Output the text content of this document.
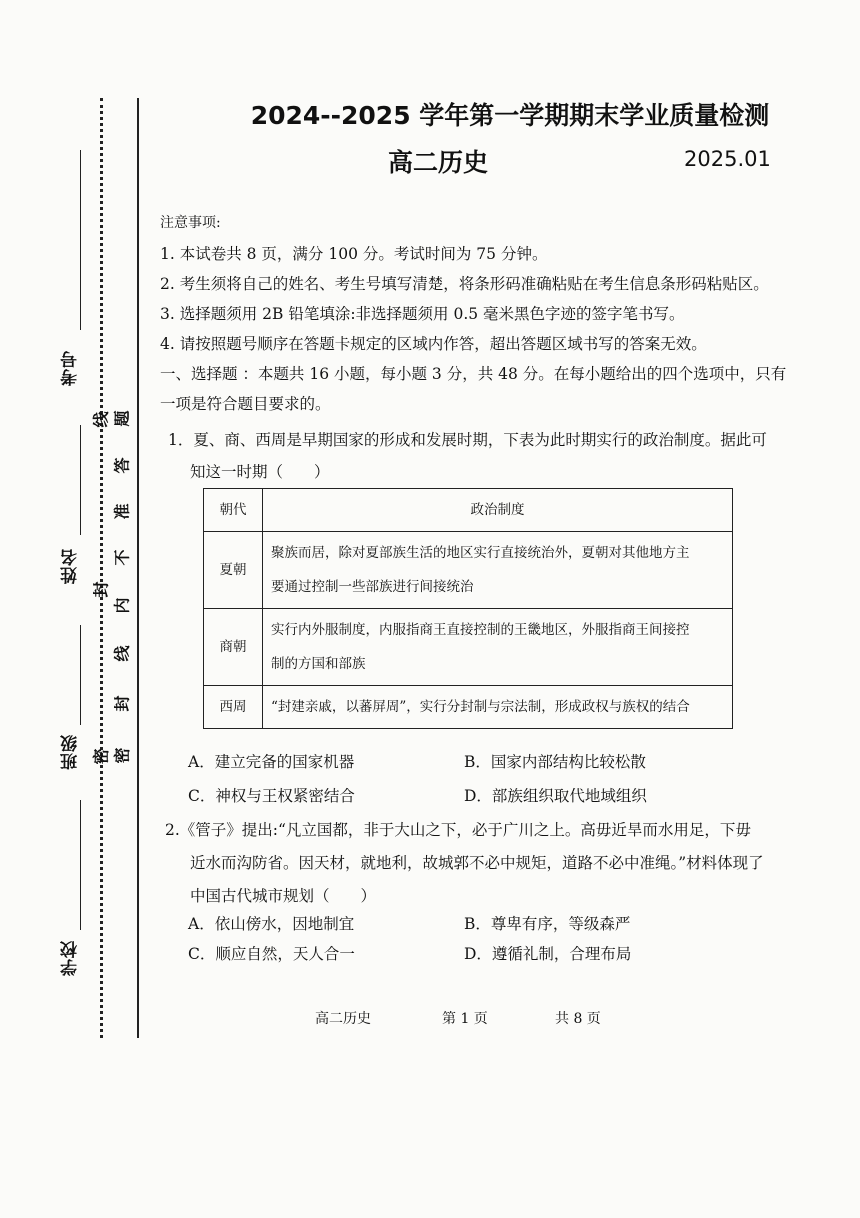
考号
姓名
班级
学校
线
封
密
题
答
准
不
内
线
封
密
2024--2025 学年第一学期期末学业质量检测
高二历史	2025.01
注意事项:
1. 本试卷共 8 页，满分 100 分。考试时间为 75 分钟。
2. 考生须将自己的姓名、考生号填写清楚，将条形码准确粘贴在考生信息条形码粘贴区。
3. 选择题须用 2B 铅笔填涂:非选择题须用 0.5 毫米黑色字迹的签字笔书写。
4. 请按照题号顺序在答题卡规定的区域内作答，超出答题区域书写的答案无效。
一、选择题 ：本题共 16 小题，每小题 3 分，共 48 分。在每小题给出的四个选项中，只有
一项是符合题目要求的。
1．夏、商、西周是早期国家的形成和发展时期，下表为此时期实行的政治制度。据此可
知这一时期（　　）
朝代	政治制度
夏朝	聚族而居，除对夏部族生活的地区实行直接统治外，夏朝对其他地方主
要通过控制一些部族进行间接统治

商朝	实行内外服制度，内服指商王直接控制的王畿地区，外服指商王间接控
制的方国和部族

西周	“封建亲戚，以蕃屏周”，实行分封制与宗法制，形成政权与族权的结合
A．建立完备的国家机器	B．国家内部结构比较松散
C．神权与王权紧密结合	D．部族组织取代地域组织
2.《管子》提出:“凡立国都，非于大山之下，必于广川之上。高毋近旱而水用足，下毋
近水而沟防省。因天材，就地利，故城郭不必中规矩，道路不必中准绳。”材料体现了
中国古代城市规划（　　）
A．依山傍水，因地制宜	B．尊卑有序，等级森严
C．顺应自然，天人合一	D．遵循礼制，合理布局
高二历史	第 1 页	共 8 页
